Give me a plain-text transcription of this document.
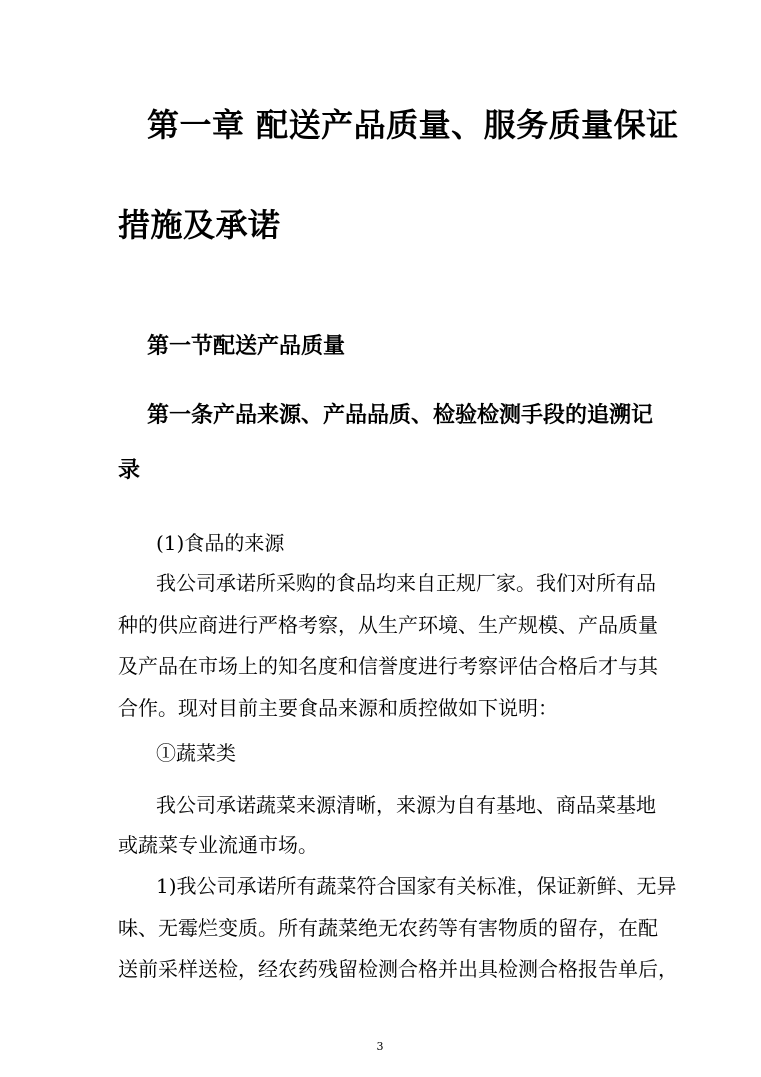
第一章 配送产品质量、服务质量保证
措施及承诺
第一节配送产品质量
第一条产品来源、产品品质、检验检测手段的追溯记
录
(1)食品的来源
我公司承诺所采购的食品均来自正规厂家。我们对所有品
种的供应商进行严格考察，从生产环境、生产规模、产品质量
及产品在市场上的知名度和信誉度进行考察评估合格后才与其
合作。现对目前主要食品来源和质控做如下说明：
①蔬菜类
我公司承诺蔬菜来源清晰，来源为自有基地、商品菜基地
或蔬菜专业流通市场。
1)我公司承诺所有蔬菜符合国家有关标准，保证新鲜、无异
味、无霉烂变质。所有蔬菜绝无农药等有害物质的留存，在配
送前采样送检，经农药残留检测合格并出具检测合格报告单后，
3
